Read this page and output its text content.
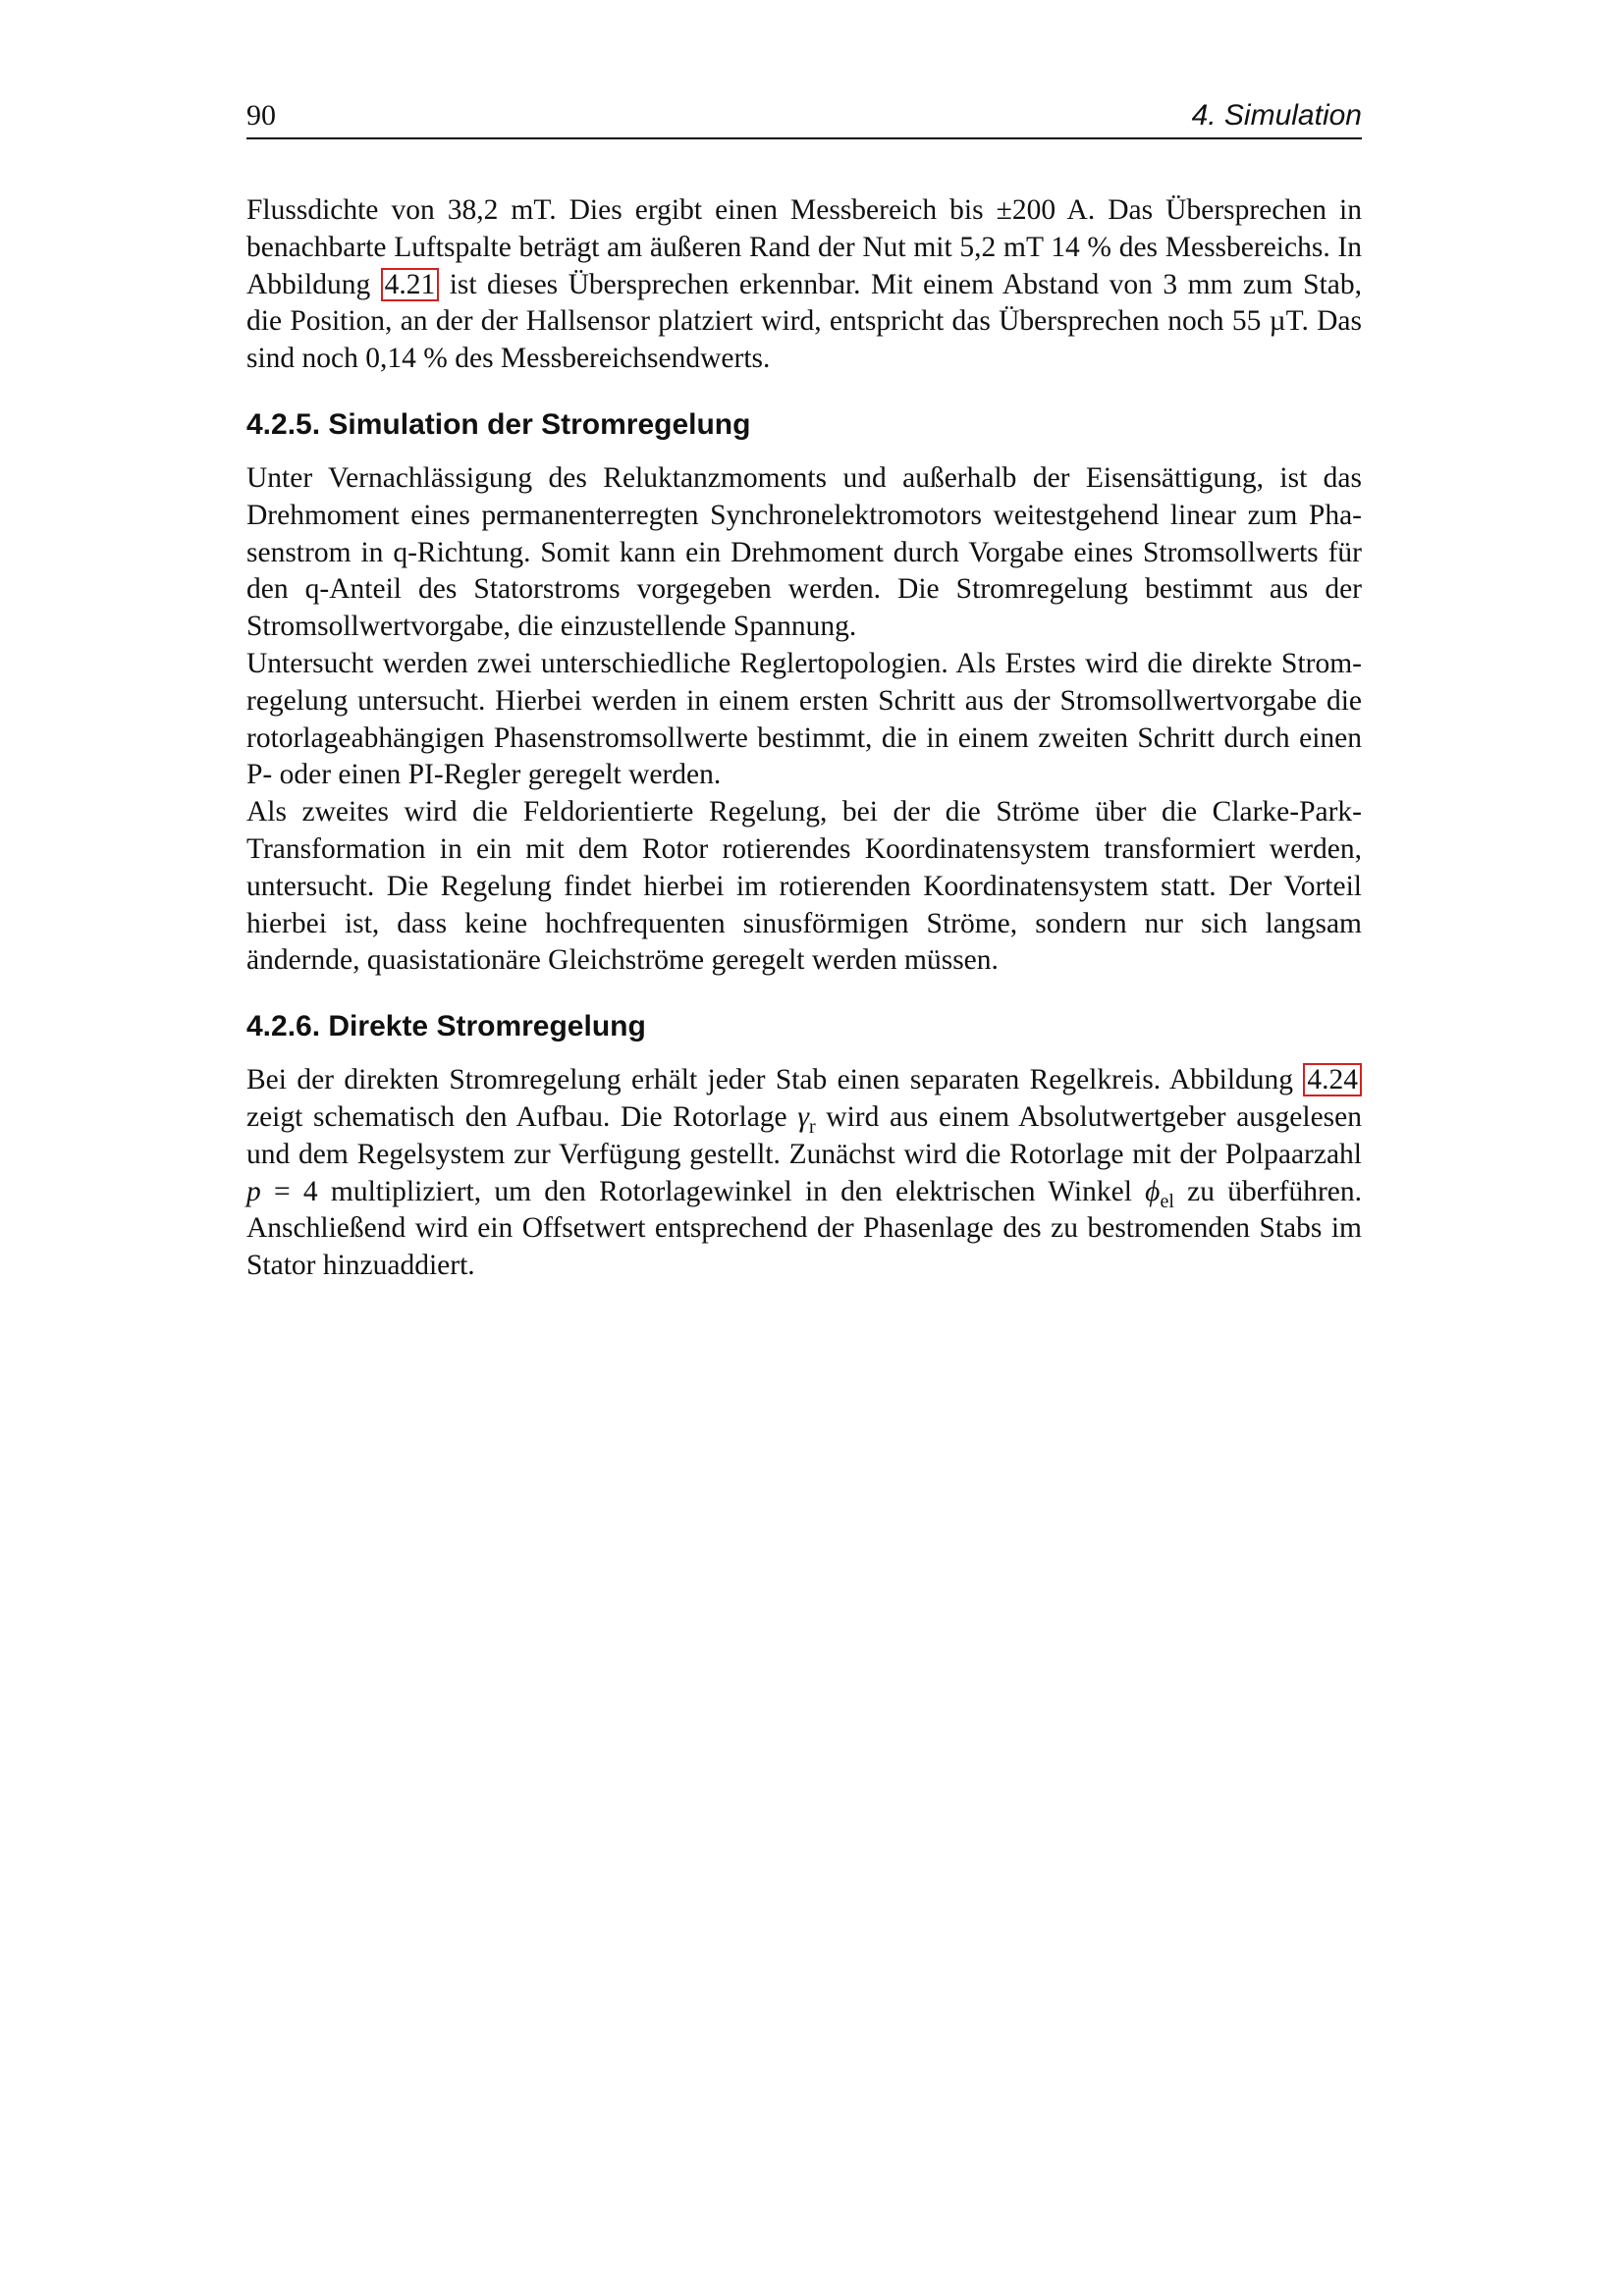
90	4. Simulation

Flussdichte von 38,2 mT. Dies ergibt einen Messbereich bis ±200 A. Das Übersprechen in benachbarte Luftspalte beträgt am äußeren Rand der Nut mit 5,2 mT 14 % des Messbereichs. In Abbildung 4.21 ist dieses Übersprechen erkennbar. Mit einem Abstand von 3 mm zum Stab, die Position, an der der Hallsensor platziert wird, entspricht das Übersprechen noch 55 µT. Das sind noch 0,14 % des Messbereichsendwerts.

4.2.5. Simulation der Stromregelung

Unter Vernachlässigung des Reluktanzmoments und außerhalb der Eisensättigung, ist das Drehmoment eines permanenterregten Synchronelektromotors weitestgehend linear zum Phasenstrom in q-Richtung. Somit kann ein Drehmoment durch Vorgabe eines Stromsollwerts für den q-Anteil des Statorstroms vorgegeben werden. Die Stromregelung bestimmt aus der Stromsollwertvorgabe, die einzustellende Spannung.

Untersucht werden zwei unterschiedliche Reglertopologien. Als Erstes wird die direkte Stromregelung untersucht. Hierbei werden in einem ersten Schritt aus der Stromsollwertvorgabe die rotorlageabhängigen Phasenstromsollwerte bestimmt, die in einem zweiten Schritt durch einen P- oder einen PI-Regler geregelt werden.

Als zweites wird die Feldorientierte Regelung, bei der die Ströme über die Clarke-Park-Transformation in ein mit dem Rotor rotierendes Koordinatensystem transformiert werden, untersucht. Die Regelung findet hierbei im rotierenden Koordinatensystem statt. Der Vorteil hierbei ist, dass keine hochfrequenten sinusförmigen Ströme, sondern nur sich langsam ändernde, quasistationäre Gleichströme geregelt werden müssen.

4.2.6. Direkte Stromregelung

Bei der direkten Stromregelung erhält jeder Stab einen separaten Regelkreis. Abbildung 4.24 zeigt schematisch den Aufbau. Die Rotorlage $\gamma_r$ wird aus einem Absolutwertgeber ausgelesen und dem Regelsystem zur Verfügung gestellt. Zunächst wird die Rotorlage mit der Polpaarzahl p = 4 multipliziert, um den Rotorlagewinkel in den elektrischen Winkel $\phi_{el}$ zu überführen. Anschließend wird ein Offsetwert entsprechend der Phasenlage des zu bestromenden Stabs im Stator hinzuaddiert.
